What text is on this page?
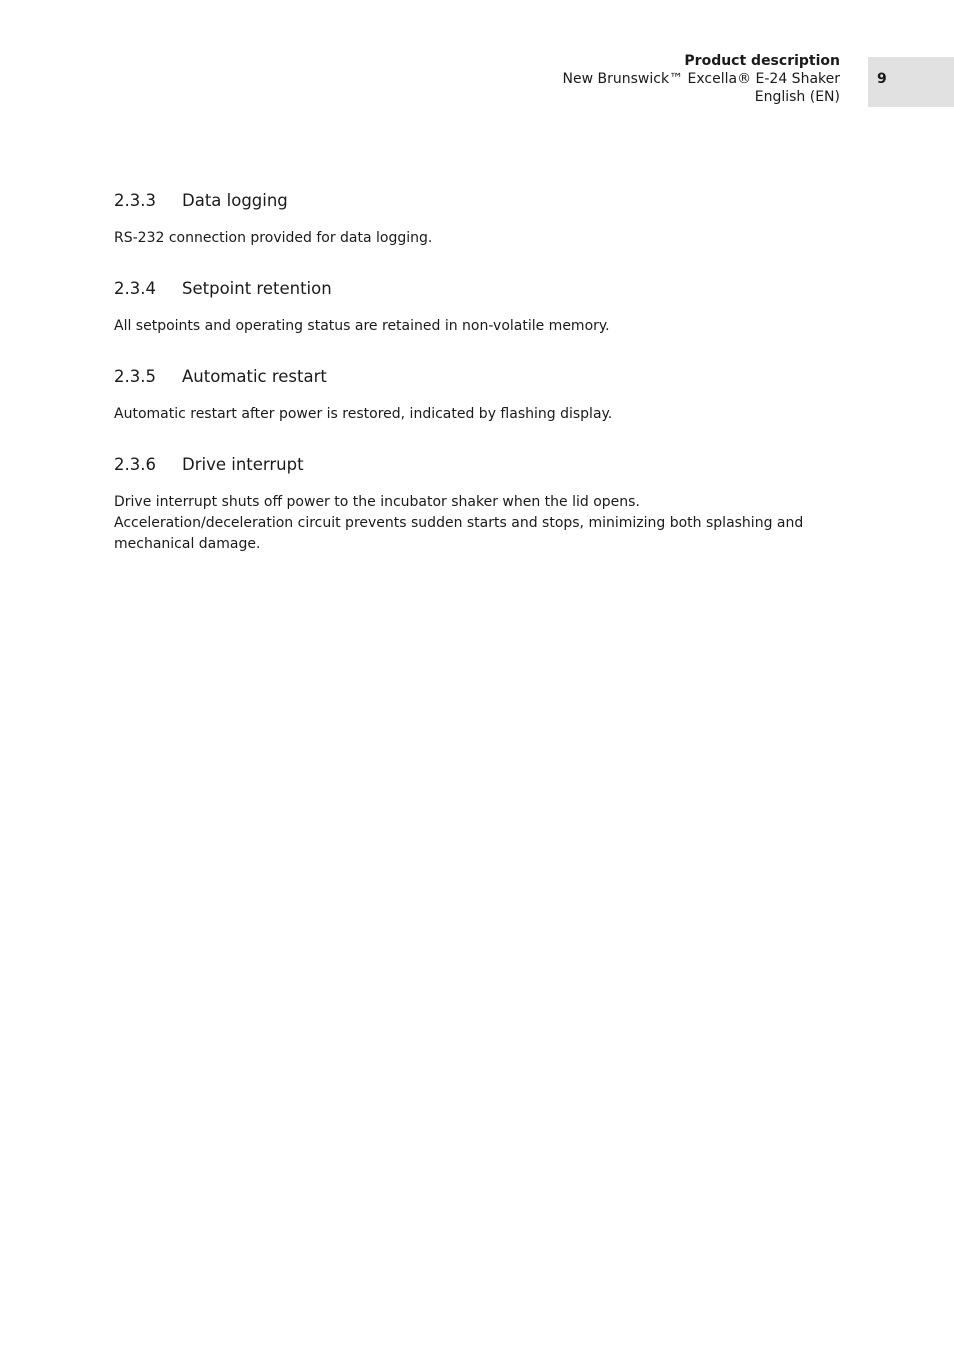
Product description
New Brunswick™ Excella® E-24 Shaker
English (EN)
9
2.3.3	Data logging

RS-232 connection provided for data logging.

2.3.4	Setpoint retention

All setpoints and operating status are retained in non-volatile memory.

2.3.5	Automatic restart

Automatic restart after power is restored, indicated by flashing display.

2.3.6	Drive interrupt

Drive interrupt shuts off power to the incubator shaker when the lid opens. Acceleration/deceleration circuit prevents sudden starts and stops, minimizing both splashing and mechanical damage.
